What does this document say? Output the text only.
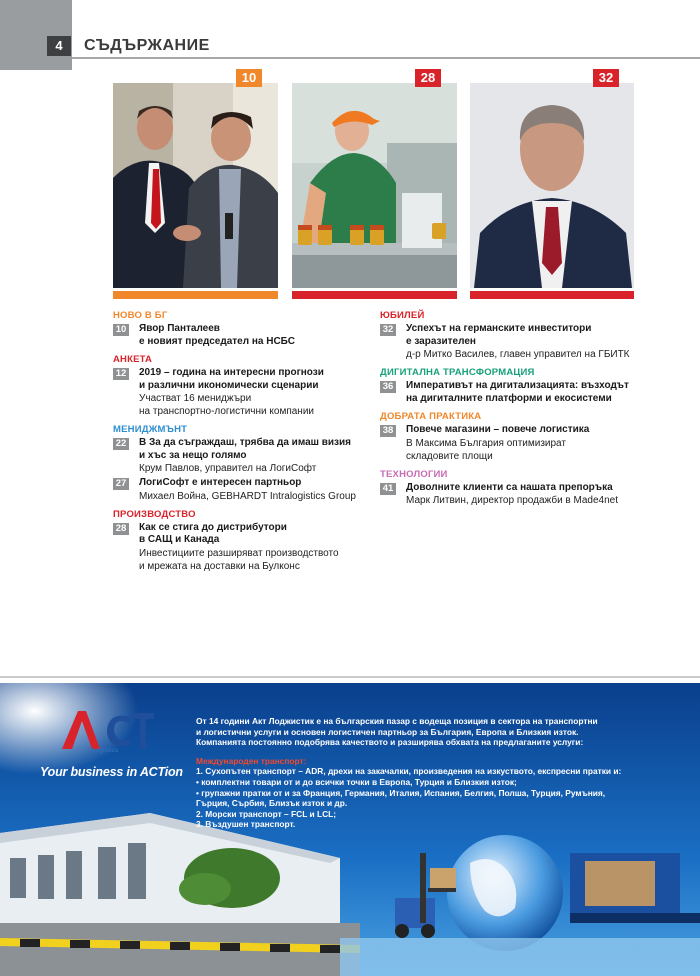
4	СЪДЪРЖАНИЕ
10	28	32
НОВО В БГ
10 Явор Панталеев
е новият председател на НСБС
АНКЕТА
12 2019 – година на интересни прогнози
и различни икономически сценарии
Участват 16 мениджъри
на транспортно-логистични компании
МЕНИДЖМЪНТ
22 В За да съграждаш, трябва да имаш визия
и хъс за нещо голямо
Крум Павлов, управител на ЛогиСофт
27 ЛогиСофт е интересен партньор
Михаел Война, GEBHARDT Intralogistics Group
ПРОИЗВОДСТВО
28 Как се стига до дистрибутори
в САЩ и Канада
Инвестициите разширяват производството
и мрежата на доставки на Булконс
ЮБИЛЕЙ
32 Успехът на германските инвеститори
е заразителен
д-р Митко Василев, главен управител на ГБИТК
ДИГИТАЛНА ТРАНСФОРМАЦИЯ
36 Императивът на дигитализацията: възходът
на дигиталните платформи и екосистеми
ДОБРАТА ПРАКТИКА
38 Повече магазини – повече логистика
В Максима България оптимизират
складовите площи
ТЕХНОЛОГИИ
41 Доволните клиенти са нашата препоръка
Марк Литвин, директор продажби в Made4net
Logistics
Your business in ACTion
От 14 години Акт Лоджистик е на българския пазар с водеща позиция в сектора на транспортни
и логистични услуги и основен логистичен партньор за България, Европа и Близкия изток.
Компанията постоянно подобрява качеството и разширява обхвата на предлаганите услуги:
Международен транспорт:
1. Сухопътен транспорт – ADR, дрехи на закачалки, произведения на изкуството, експресни пратки и:
• комплектни товари от и до всички точки в Европа, Турция и Близкия изток;
• групажни пратки от и за Франция, Германия, Италия, Испания, Белгия, Полша, Турция, Румъния,
Гърция, Сърбия, Близък изток и др.
2. Морски транспорт – FCL и LCL;
3. Въздушен транспорт.
